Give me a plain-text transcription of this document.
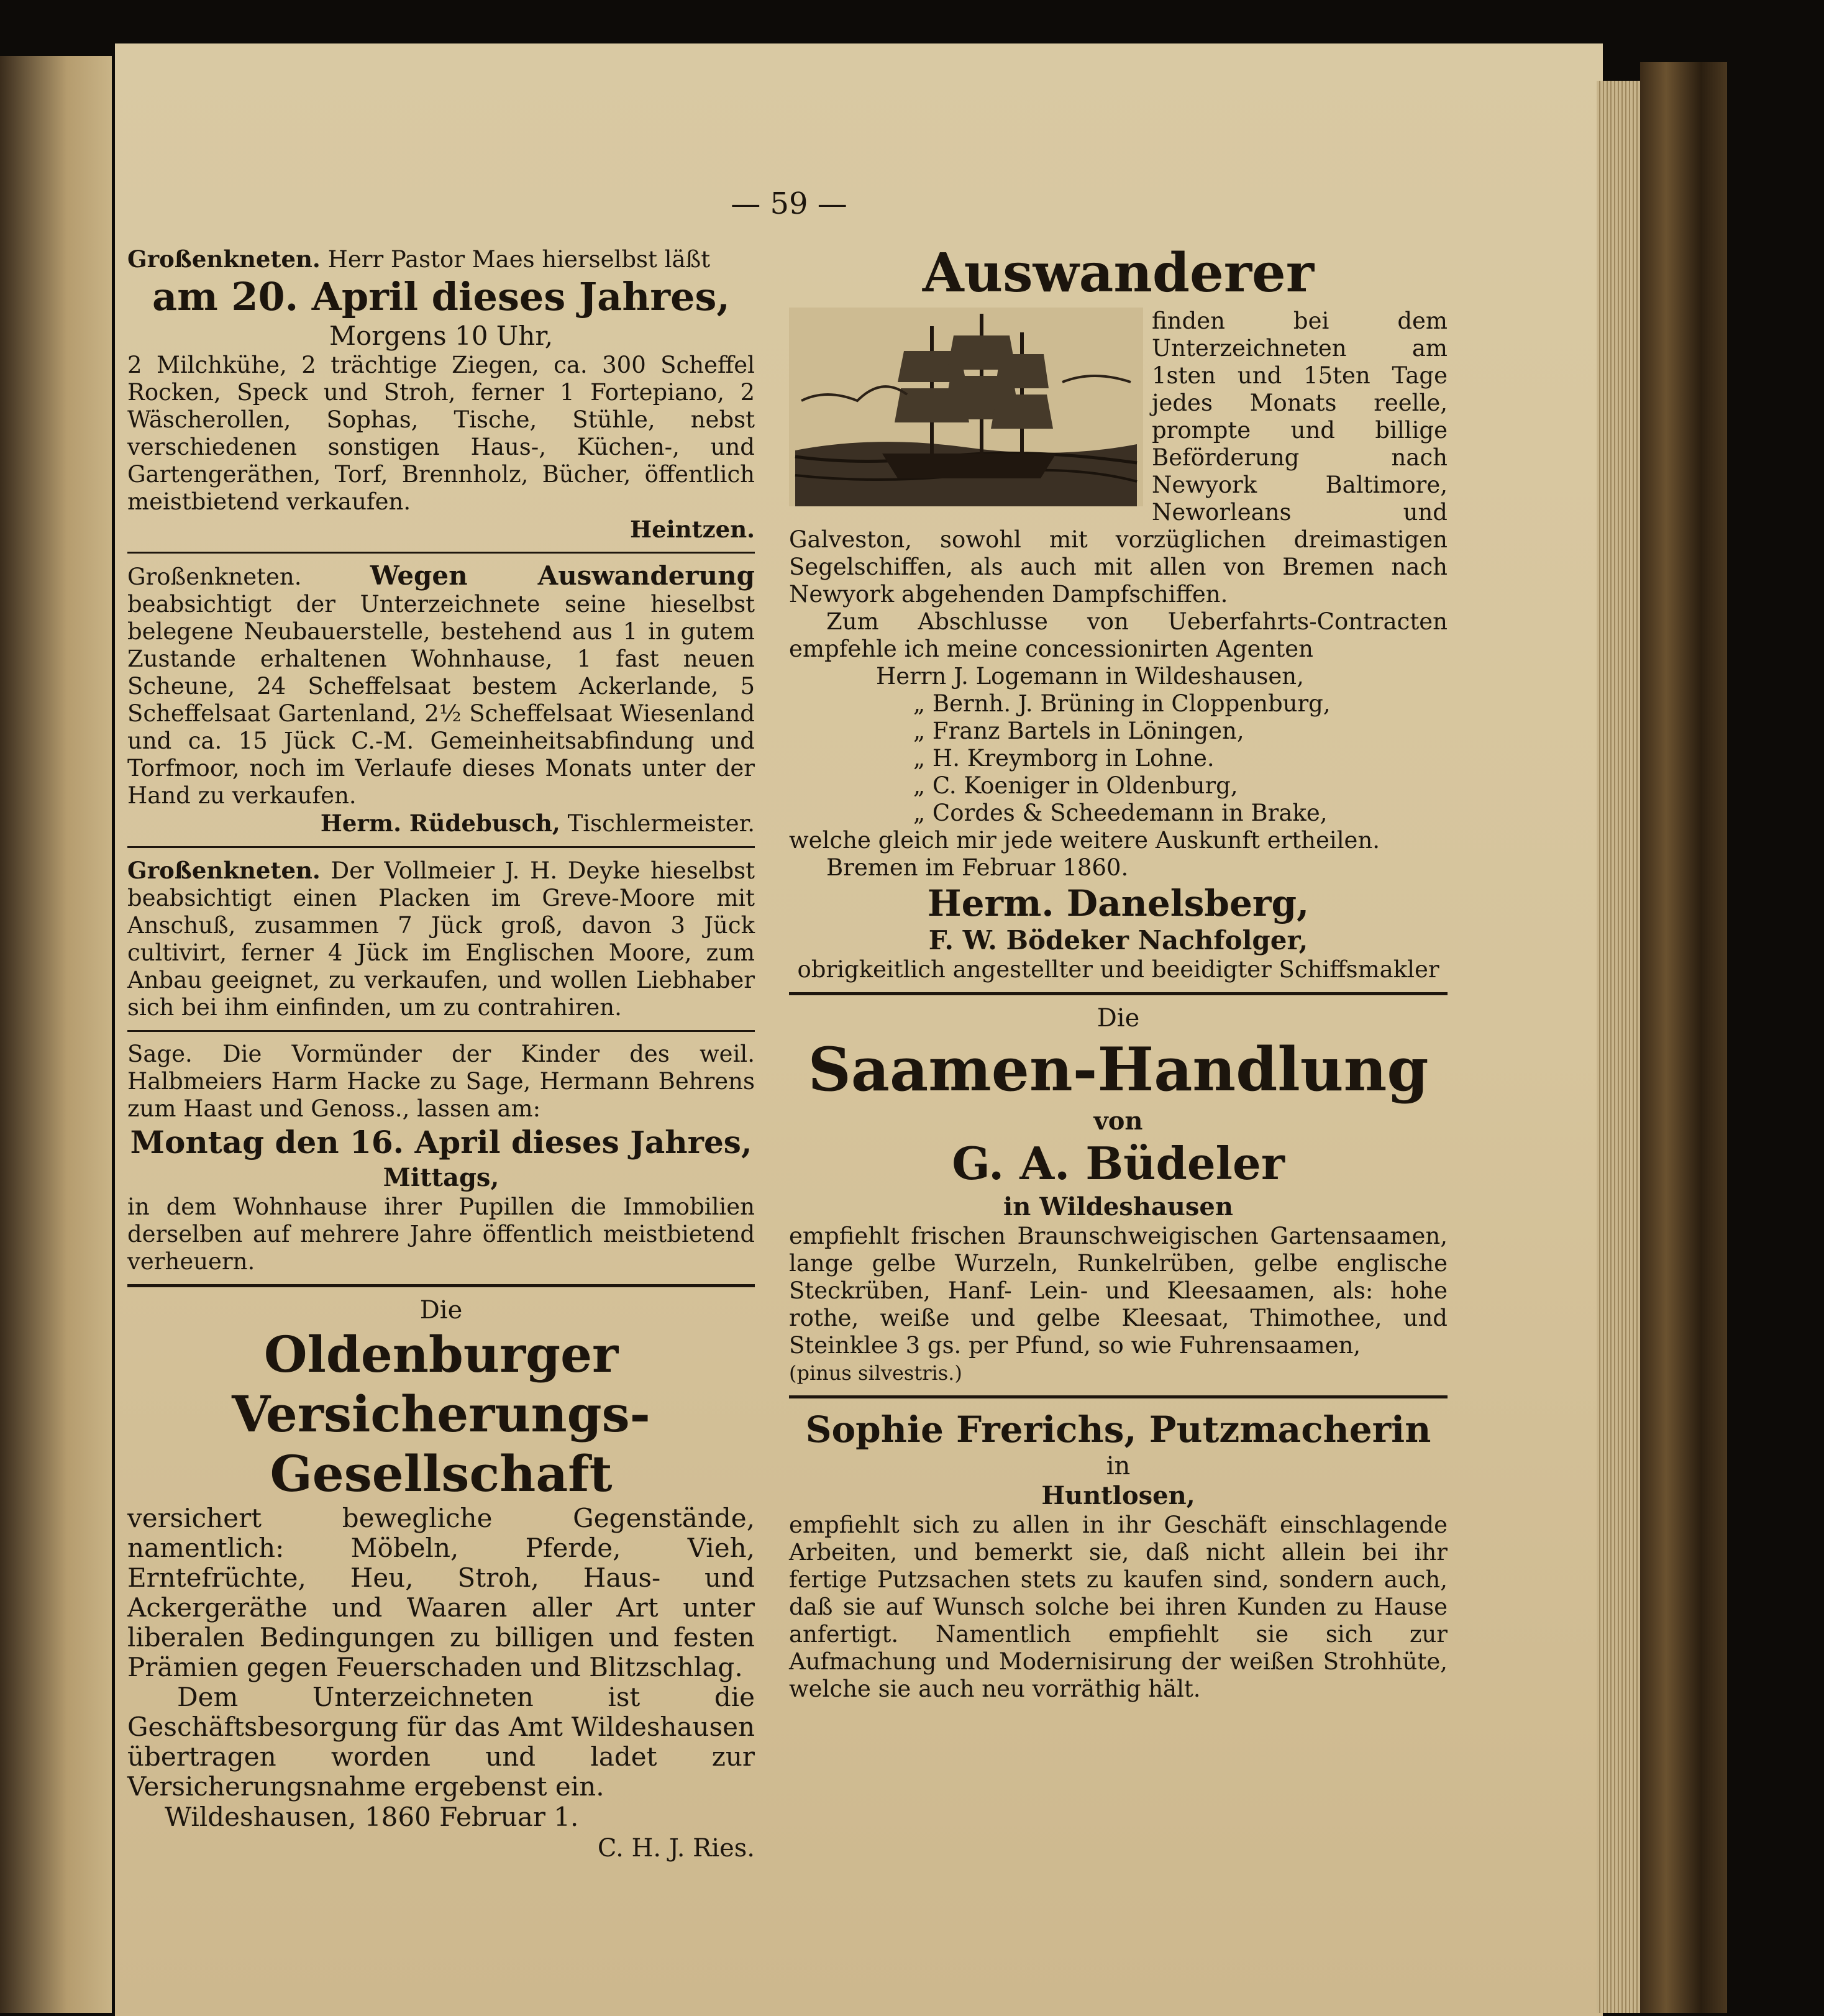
— 59 —

Großenkneten. Herr Pastor Maes hierselbst läßt

am 20. April dieses Jahres,

Morgens 10 Uhr,

2 Milchkühe, 2 trächtige Ziegen, ca. 300 Scheffel Rocken, Speck und Stroh, ferner 1 Fortepiano, 2 Wäscherollen, Sophas, Tische, Stühle, nebst verschiedenen sonstigen Haus-, Küchen-, und Gartengeräthen, Torf, Brennholz, Bücher, öffentlich meistbietend verkaufen.

Heintzen.

Großenkneten.	Wegen Auswanderung beabsichtigt der Unterzeichnete seine hieselbst belegene Neubauerstelle, bestehend aus 1 in gutem Zustande erhaltenen Wohnhause, 1 fast neuen Scheune, 24 Scheffelsaat bestem Ackerlande, 5 Scheffelsaat Gartenland, 2½ Scheffelsaat Wiesenland und ca. 15 Jück C.-M. Gemeinheitsabfindung und Torfmoor, noch im Verlaufe dieses Monats unter der Hand zu verkaufen.

Herm. Rüdebusch, Tischlermeister.

Großenkneten. Der Vollmeier J. H. Deyke hieselbst beabsichtigt einen Placken im Greve-Moore mit Anschuß, zusammen 7 Jück groß, davon 3 Jück cultivirt, ferner 4 Jück im Englischen Moore, zum Anbau geeignet, zu verkaufen, und wollen Liebhaber sich bei ihm einfinden, um zu contrahiren.

Sage. Die Vormünder der Kinder des weil. Halbmeiers Harm Hacke zu Sage, Hermann Behrens zum Haast und Genoss., lassen am:

Montag den 16. April dieses Jahres,

Mittags,

in dem Wohnhause ihrer Pupillen die Immobilien derselben auf mehrere Jahre öffentlich meistbietend verheuern.

Die

Oldenburger Versicherungs-Gesellschaft

versichert bewegliche Gegenstände, namentlich: Möbeln, Pferde, Vieh, Erntefrüchte, Heu, Stroh, Haus- und Ackergeräthe und Waaren aller Art unter liberalen Bedingungen zu billigen und festen Prämien gegen Feuerschaden und Blitzschlag.

Dem Unterzeichneten ist die Geschäftsbesorgung für das Amt Wildeshausen übertragen worden und ladet zur Versicherungsnahme ergebenst ein.

Wildeshausen, 1860 Februar 1.

C. H. J. Ries.

Auswanderer

finden bei dem Unterzeichneten am 1sten und 15ten Tage jedes Monats reelle, prompte und billige Beförderung nach Newyork Baltimore, Neworleans und Galveston, sowohl mit vorzüglichen dreimastigen Segelschiffen, als auch mit allen von Bremen nach Newyork abgehenden Dampfschiffen.

Zum Abschlusse von Ueberfahrts-Contracten empfehle ich meine concessionirten Agenten

Herrn J. Logemann in Wildeshausen,

„ Bernh. J. Brüning in Cloppenburg,

„ Franz Bartels in Löningen,

„ H. Kreymborg in Lohne.

„ C. Koeniger in Oldenburg,

„ Cordes & Scheedemann in Brake,

welche gleich mir jede weitere Auskunft ertheilen.

Bremen im Februar 1860.

Herm. Danelsberg,

F. W. Bödeker Nachfolger,

obrigkeitlich angestellter und beeidigter Schiffsmakler

Die

Saamen-Handlung

von

G. A. Büdeler

in Wildeshausen

empfiehlt frischen Braunschweigischen Gartensaamen, lange gelbe Wurzeln, Runkelrüben, gelbe englische Steckrüben, Hanf- Lein- und Kleesaamen, als: hohe rothe, weiße und gelbe Kleesaat, Thimothee, und Steinklee 3 gs. per Pfund, so wie Fuhrensaamen,

(pinus silvestris.)

Sophie Frerichs, Putzmacherin

in

Huntlosen,

empfiehlt sich zu allen in ihr Geschäft einschlagende Arbeiten, und bemerkt sie, daß nicht allein bei ihr fertige Putzsachen stets zu kaufen sind, sondern auch, daß sie auf Wunsch solche bei ihren Kunden zu Hause anfertigt. Namentlich empfiehlt sie sich zur Aufmachung und Modernisirung der weißen Strohhüte, welche sie auch neu vorräthig hält.
